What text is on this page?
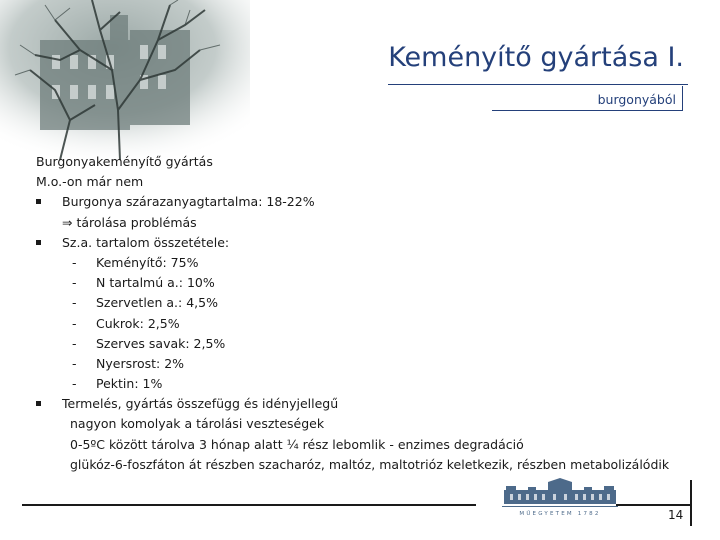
Keményítő gyártása I.
burgonyából
Burgonyakeményítő gyártás
M.o.-on már nem
Burgonya szárazanyagtartalma: 18-22%
⇒ tárolása problémás
Sz.a. tartalom összetétele:
- Keményítő: 75%
- N tartalmú a.: 10%
- Szervetlen a.: 4,5%
- Cukrok: 2,5%
- Szerves savak: 2,5%
- Nyersrost: 2%
- Pektin: 1%
Termelés, gyártás összefügg és idényjellegű
nagyon komolyak a tárolási veszteségek
0-5ºC között tárolva 3 hónap alatt ¼ rész lebomlik - enzimes degradáció
glükóz-6-foszfáton át részben szacharóz, maltóz, maltotrióz keletkezik, részben metabolizálódik
MŰEGYETEM 1782	14
